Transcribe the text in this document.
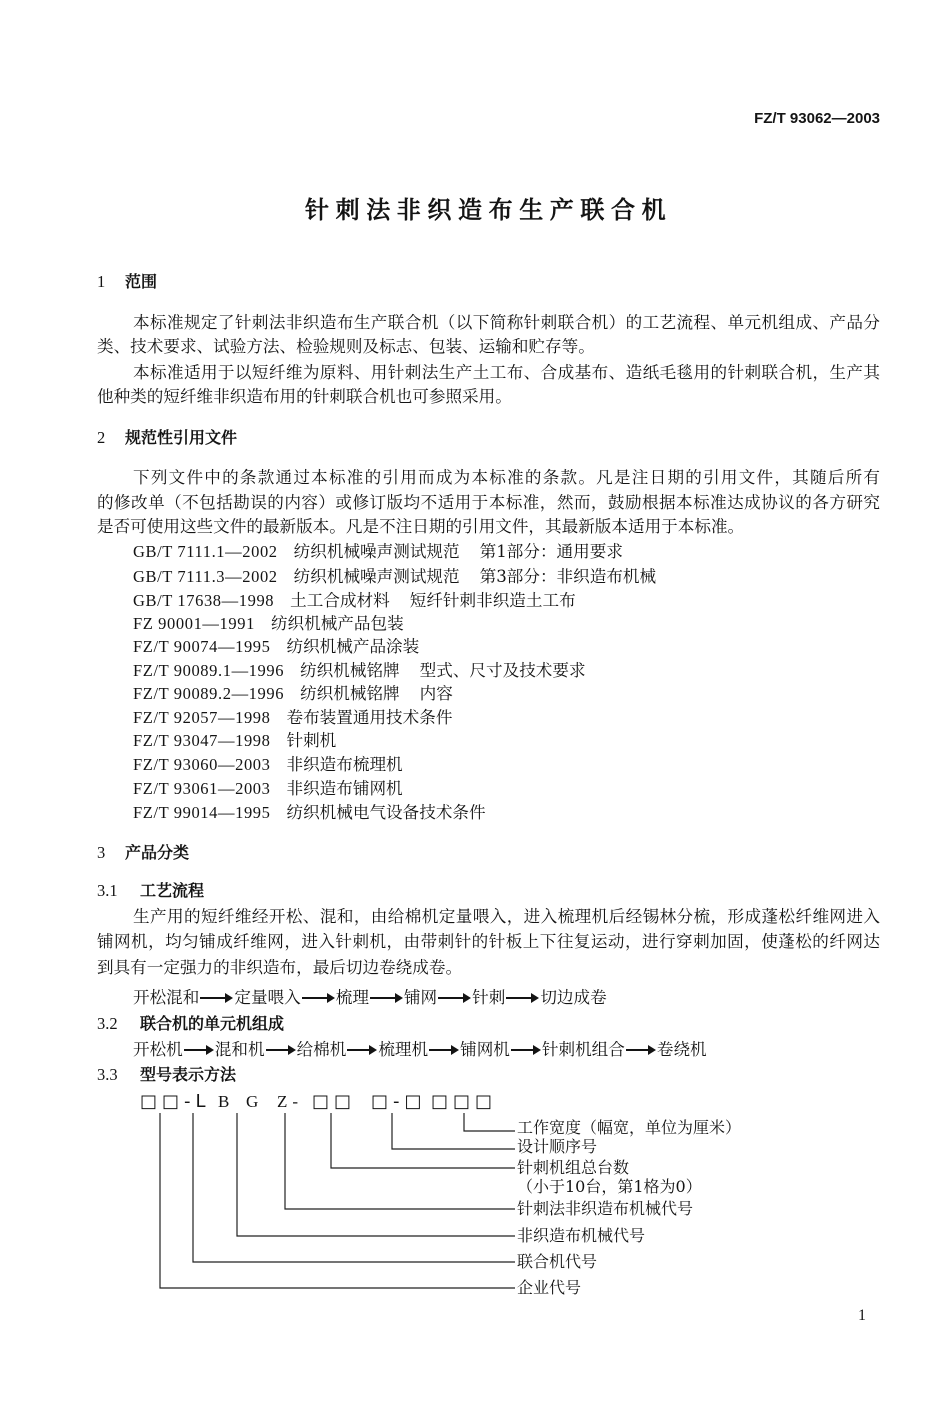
FZ/T 93062—2003
针刺法非织造布生产联合机
1 范围
本标准规定了针刺法非织造布生产联合机（以下简称针刺联合机）的工艺流程、单元机组成、产品分
类、技术要求、试验方法、检验规则及标志、包装、运输和贮存等。
本标准适用于以短纤维为原料、用针刺法生产土工布、合成基布、造纸毛毯用的针刺联合机，生产其
他种类的短纤维非织造布用的针刺联合机也可参照采用。
2 规范性引用文件
下列文件中的条款通过本标准的引用而成为本标准的条款。凡是注日期的引用文件，其随后所有
的修改单（不包括勘误的内容）或修订版均不适用于本标准，然而，鼓励根据本标准达成协议的各方研究
是否可使用这些文件的最新版本。凡是不注日期的引用文件，其最新版本适用于本标准。
GB/T 7111.1—2002 纺织机械噪声测试规范 第1部分：通用要求
GB/T 7111.3—2002 纺织机械噪声测试规范 第3部分：非织造布机械
GB/T 17638—1998 土工合成材料 短纤针刺非织造土工布
FZ 90001—1991 纺织机械产品包装
FZ/T 90074—1995 纺织机械产品涂装
FZ/T 90089.1—1996 纺织机械铭牌 型式、尺寸及技术要求
FZ/T 90089.2—1996 纺织机械铭牌 内容
FZ/T 92057—1998 卷布装置通用技术条件
FZ/T 93047—1998 针刺机
FZ/T 93060—2003 非织造布梳理机
FZ/T 93061—2003 非织造布铺网机
FZ/T 99014—1995 纺织机械电气设备技术条件
3 产品分类
3.1 工艺流程
生产用的短纤维经开松、混和，由给棉机定量喂入，进入梳理机后经锡林分梳，形成蓬松纤维网进入
铺网机，均匀铺成纤维网，进入针刺机，由带刺针的针板上下往复运动，进行穿刺加固，使蓬松的纤网达
到具有一定强力的非织造布，最后切边卷绕成卷。
开松混和 定量喂入 梳理 铺网 针刺 切边成卷
3.2 联合机的单元机组成
开松机 混和机 给棉机 梳理机 铺网机 针刺机组合 卷绕机
3.3 型号表示方法
□□-L B G Z- □□ □-□ □□□
工作宽度（幅宽，单位为厘米）
设计顺序号
针刺机组总台数
（小于10台，第1格为0）
针刺法非织造布机械代号
非织造布机械代号
联合机代号
企业代号
1
